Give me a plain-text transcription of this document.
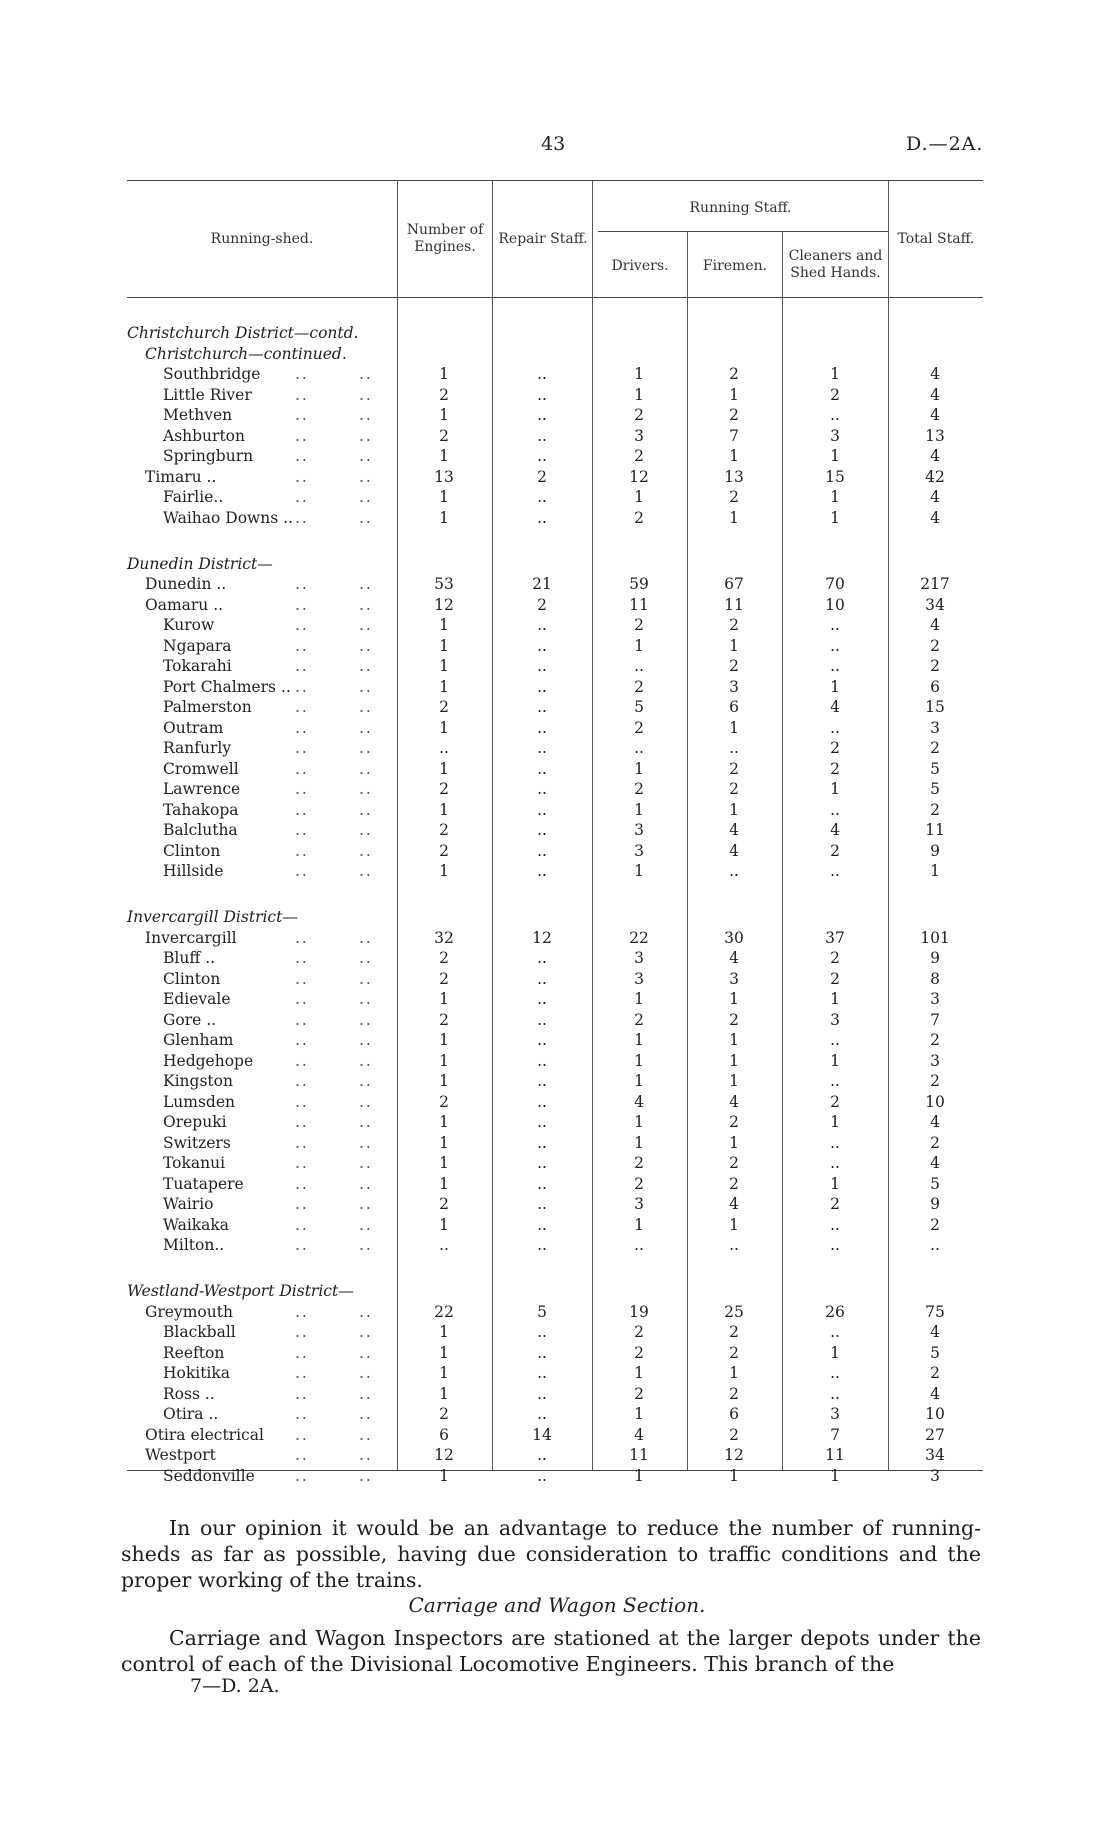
43	D.—2A.
Running-shed.
Number of Engines.	Repair Staff.
Running Staff.
Drivers.	Firemen.
Cleaners and Shed Hands.
Total Staff.
Christchurch District—contd.
Christchurch—continued.
Southbridge ..	..	1	..	1	2	1	4
Little River	..	..	2	..	1	1	2	4
Methven	..	..	1	..	2	2	..	4
Ashburton	..	..	2	..	3	7	3	13
Springburn	..	..	1	..	2	1	1	4
Timaru ..	..	..	13	2	12	13	15	42
Fairlie..	..	..	1	..	1	2	1	4
Waihao Downs .. ..	..	1	..	2	1	1	4
Dunedin District—
Dunedin ..	..	..	53	21	59	67	70	217
Oamaru ..	..	..	12	2	11	11	10	34
Kurow	..	..	1	..	2	2	..	4
Ngapara	..	..	1	..	1	1	..	2
Tokarahi	..	..	1	..	..	2	..	2
Port Chalmers .. ..	..	1	..	2	3	1	6
Palmerston	..	..	2	..	5	6	4	15
Outram	..	..	1	..	2	1	..	3
Ranfurly	..	..	..	..	..	..	2	2
Cromwell	..	..	1	..	1	2	2	5
Lawrence	..	..	2	..	2	2	1	5
Tahakopa	..	..	1	..	1	1	..	2
Balclutha	..	..	2	..	3	4	4	11
Clinton	..	..	2	..	3	4	2	9
Hillside	..	..	1	..	1	..	..	1
Invercargill District—
Invercargill	..	..	32	12	22	30	37	101
Bluff ..	..	..	2	..	3	4	2	9
Clinton	..	..	2	..	3	3	2	8
Edievale	..	..	1	..	1	1	1	3
Gore ..	..	..	2	..	2	2	3	7
Glenham	..	..	1	..	1	1	..	2
Hedgehope	..	..	1	..	1	1	1	3
Kingston	..	..	1	..	1	1	..	2
Lumsden	..	..	2	..	4	4	2	10
Orepuki	..	..	1	..	1	2	1	4
Switzers	..	..	1	..	1	1	..	2
Tokanui	..	..	1	..	2	2	..	4
Tuatapere	..	..	1	..	2	2	1	5
Wairio	..	..	2	..	3	4	2	9
Waikaka	..	..	1	..	1	1	..	2
Milton..	..	..	..	..	..	..	..	..
Westland-Westport District—
Greymouth	..	..	22	5	19	25	26	75
Blackball	..	..	1	..	2	2	..	4
Reefton	..	..	1	..	2	2	1	5
Hokitika	..	..	1	..	1	1	..	2
Ross ..	..	..	1	..	2	2	..	4
Otira ..	..	..	2	..	1	6	3	10
Otira electrical ..	..	6	14	4	2	7	27
Westport	..	..	12	..	11	12	11	34
Seddonville	..	..	1	..	1	1	1	3
In our opinion it would be an advantage to reduce the number of running-sheds as far as possible, having due consideration to traffic conditions and the proper working of the trains.
Carriage and Wagon Section.
Carriage and Wagon Inspectors are stationed at the larger depots under the control of each of the Divisional Locomotive Engineers. This branch of the
7—D. 2A.
